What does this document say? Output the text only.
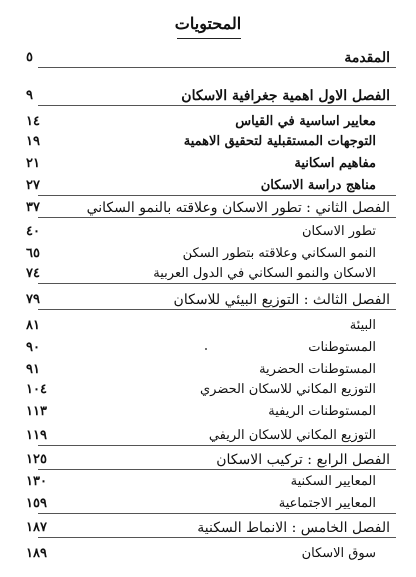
المحتويات
المقدمة
٥
الفصل الاول اهمية جغرافية الاسكان
٩
معايير اساسية في القياس
١٤
التوجهات المستقبلية لتحقيق الاهمية
١٩
مفاهيم اسكانية
٢١
مناهج دراسة الاسكان
٢٧
الفصل الثاني : تطور الاسكان وعلاقته بالنمو السكاني
٣٧
تطور الاسكان
٤٠
النمو السكاني وعلاقته بتطور السكن
٦٥
الاسكان والنمو السكاني في الدول العربية
٧٤
الفصل الثالث : التوزيع البيئي للاسكان
٧٩
البيئة
٨١
المستوطنات
٩٠
المستوطنات الحضرية
٩١
التوزيع المكاني للاسكان الحضري
١٠٤
المستوطنات الريفية
١١٣
التوزيع المكاني للاسكان الريفي
١١٩
الفصل الرابع : تركيب الاسكان
١٢٥
المعايير السكنية
١٣٠
المعايير الاجتماعية
١٥٩
الفصل الخامس : الانماط السكنية
١٨٧
سوق الاسكان
١٨٩
